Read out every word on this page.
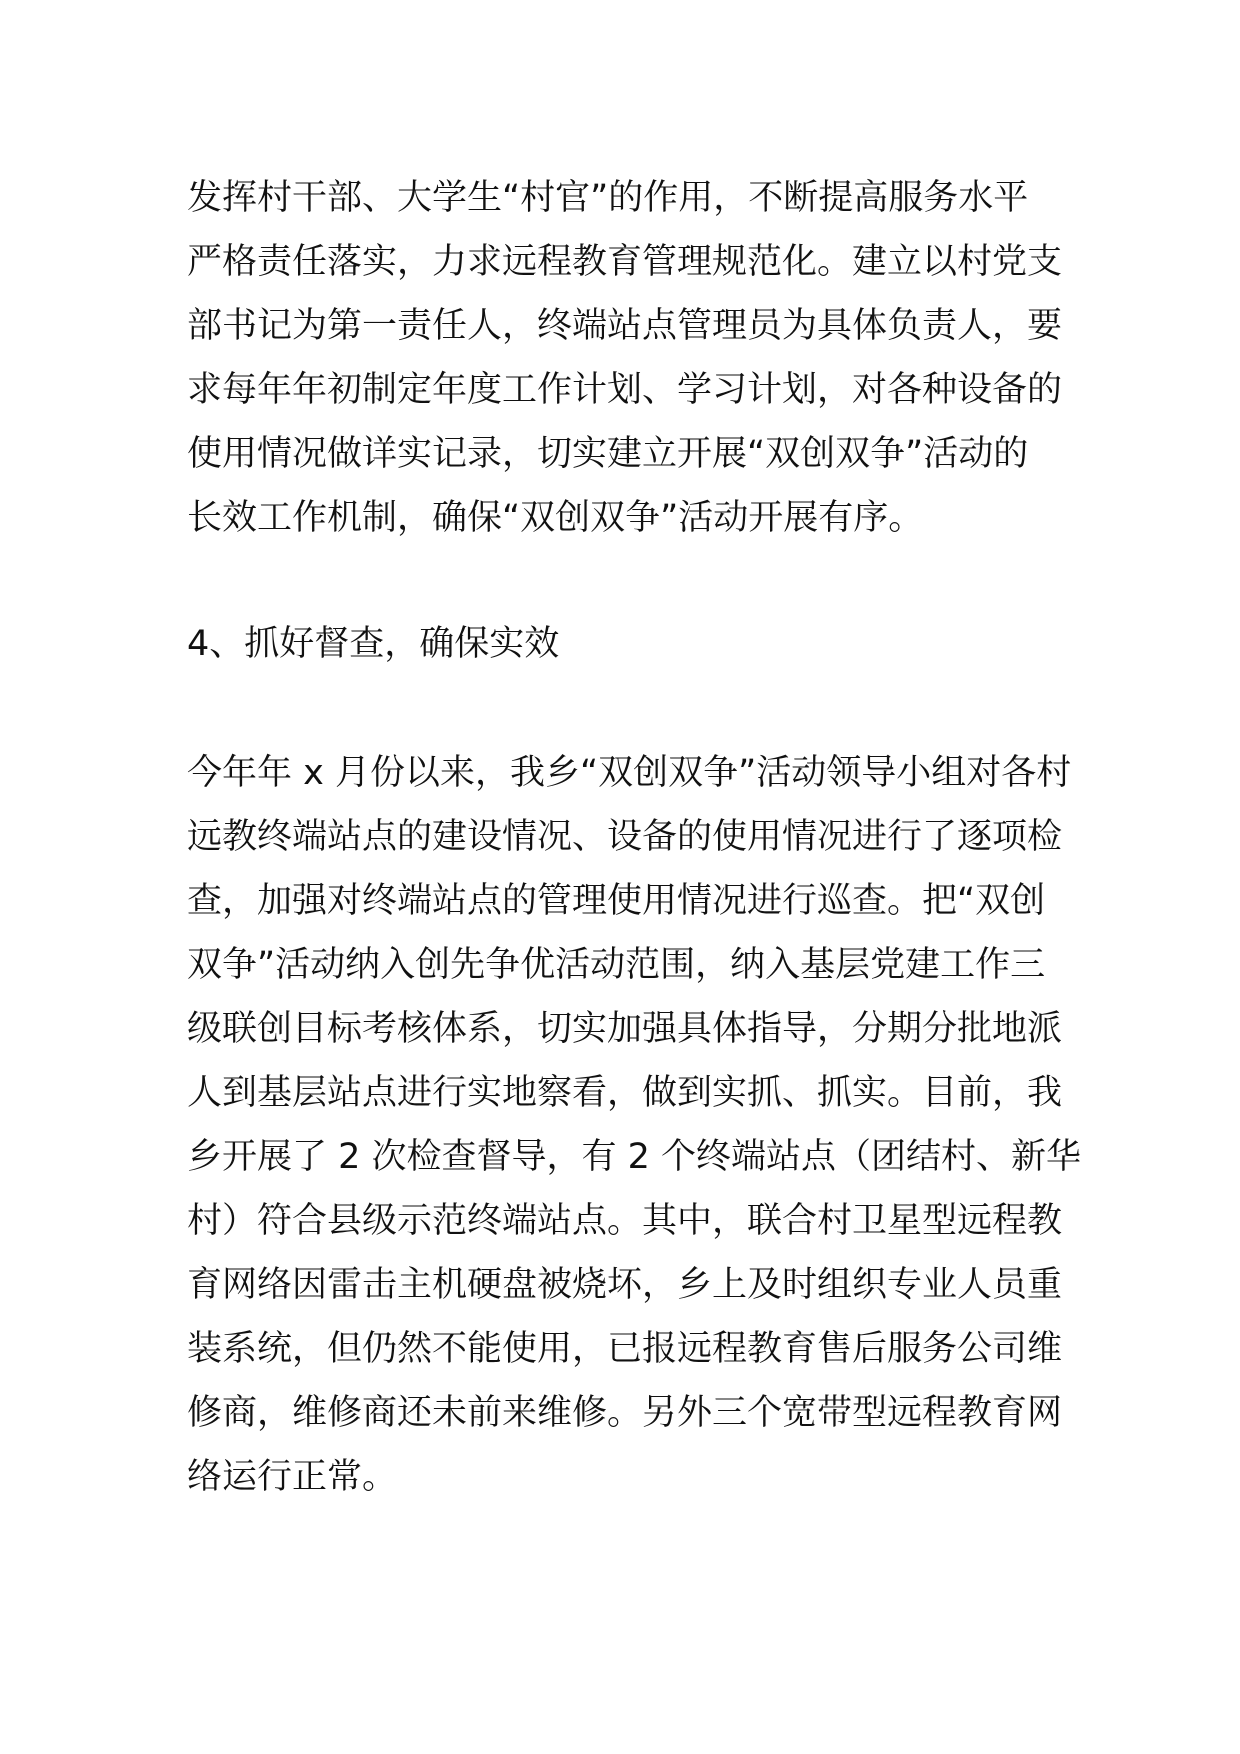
发挥村干部、大学生“村官”的作用，不断提高服务水平

严格责任落实，力求远程教育管理规范化。建立以村党支

部书记为第一责任人，终端站点管理员为具体负责人，要

求每年年初制定年度工作计划、学习计划，对各种设备的

使用情况做详实记录，切实建立开展“双创双争”活动的

长效工作机制，确保“双创双争”活动开展有序。

4、抓好督查，确保实效

今年年 x 月份以来，我乡“双创双争”活动领导小组对各村

远教终端站点的建设情况、设备的使用情况进行了逐项检

查，加强对终端站点的管理使用情况进行巡查。把“双创

双争”活动纳入创先争优活动范围，纳入基层党建工作三

级联创目标考核体系，切实加强具体指导，分期分批地派

人到基层站点进行实地察看，做到实抓、抓实。目前，我

乡开展了 2 次检查督导，有 2 个终端站点（团结村、新华

村）符合县级示范终端站点。其中，联合村卫星型远程教

育网络因雷击主机硬盘被烧坏，乡上及时组织专业人员重

装系统，但仍然不能使用，已报远程教育售后服务公司维

修商，维修商还未前来维修。另外三个宽带型远程教育网

络运行正常。
